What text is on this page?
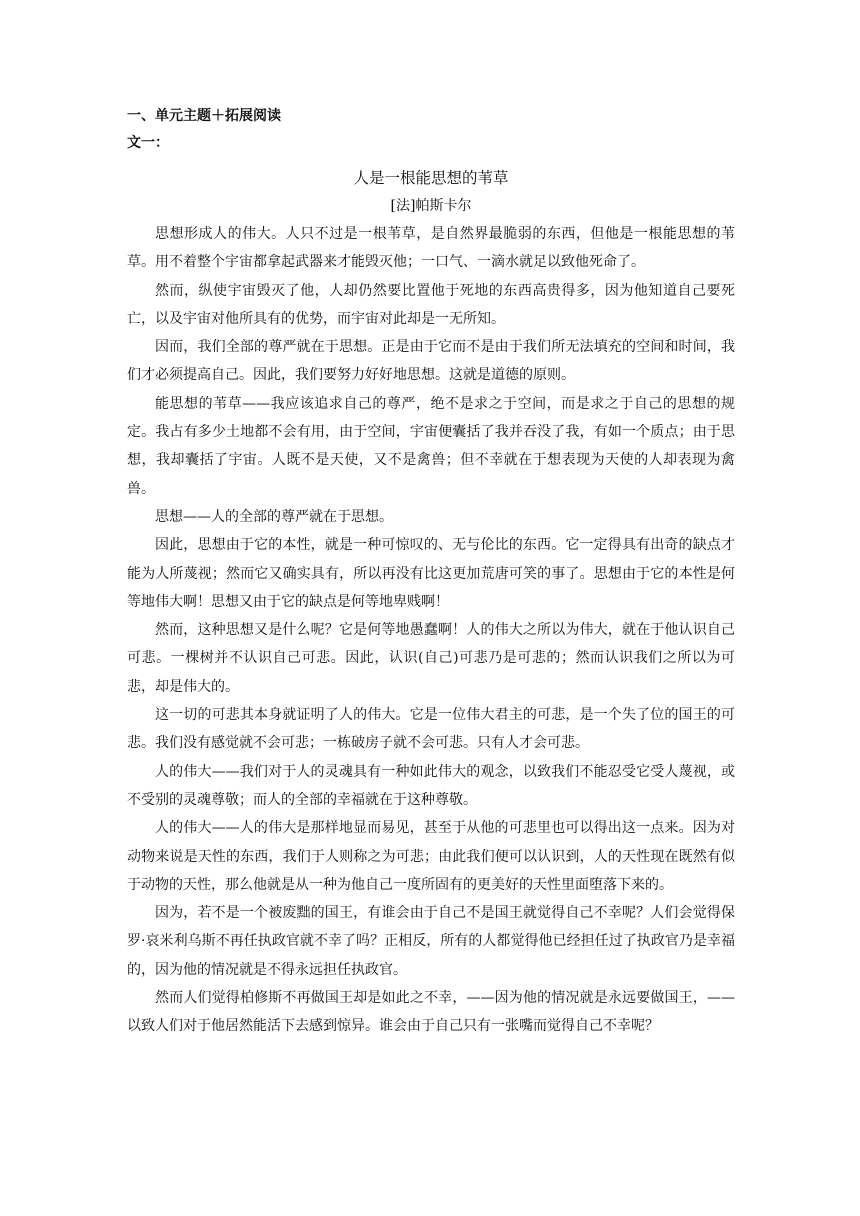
一、单元主题＋拓展阅读

文一：

人是一根能思想的苇草

[法]帕斯卡尔

思想形成人的伟大。人只不过是一根苇草，是自然界最脆弱的东西，但他是一根能思想的苇草。用不着整个宇宙都拿起武器来才能毁灭他；一口气、一滴水就足以致他死命了。

然而，纵使宇宙毁灭了他，人却仍然要比置他于死地的东西高贵得多，因为他知道自己要死亡，以及宇宙对他所具有的优势，而宇宙对此却是一无所知。

因而，我们全部的尊严就在于思想。正是由于它而不是由于我们所无法填充的空间和时间，我们才必须提高自己。因此，我们要努力好好地思想。这就是道德的原则。

能思想的苇草——我应该追求自己的尊严，绝不是求之于空间，而是求之于自己的思想的规定。我占有多少土地都不会有用，由于空间，宇宙便囊括了我并吞没了我，有如一个质点；由于思想，我却囊括了宇宙。人既不是天使，又不是禽兽；但不幸就在于想表现为天使的人却表现为禽兽。

思想——人的全部的尊严就在于思想。

因此，思想由于它的本性，就是一种可惊叹的、无与伦比的东西。它一定得具有出奇的缺点才能为人所蔑视；然而它又确实具有，所以再没有比这更加荒唐可笑的事了。思想由于它的本性是何等地伟大啊！思想又由于它的缺点是何等地卑贱啊！

然而，这种思想又是什么呢？它是何等地愚蠢啊！人的伟大之所以为伟大，就在于他认识自己可悲。一棵树并不认识自己可悲。因此，认识(自己)可悲乃是可悲的；然而认识我们之所以为可悲，却是伟大的。

这一切的可悲其本身就证明了人的伟大。它是一位伟大君主的可悲，是一个失了位的国王的可悲。我们没有感觉就不会可悲；一栋破房子就不会可悲。只有人才会可悲。

人的伟大——我们对于人的灵魂具有一种如此伟大的观念，以致我们不能忍受它受人蔑视，或不受别的灵魂尊敬；而人的全部的幸福就在于这种尊敬。

人的伟大——人的伟大是那样地显而易见，甚至于从他的可悲里也可以得出这一点来。因为对动物来说是天性的东西，我们于人则称之为可悲；由此我们便可以认识到，人的天性现在既然有似于动物的天性，那么他就是从一种为他自己一度所固有的更美好的天性里面堕落下来的。

因为，若不是一个被废黜的国王，有谁会由于自己不是国王就觉得自己不幸呢？人们会觉得保罗·哀米利乌斯不再任执政官就不幸了吗？正相反，所有的人都觉得他已经担任过了执政官乃是幸福的，因为他的情况就是不得永远担任执政官。

然而人们觉得柏修斯不再做国王却是如此之不幸，——因为他的情况就是永远要做国王，——以致人们对于他居然能活下去感到惊异。谁会由于自己只有一张嘴而觉得自己不幸呢？
